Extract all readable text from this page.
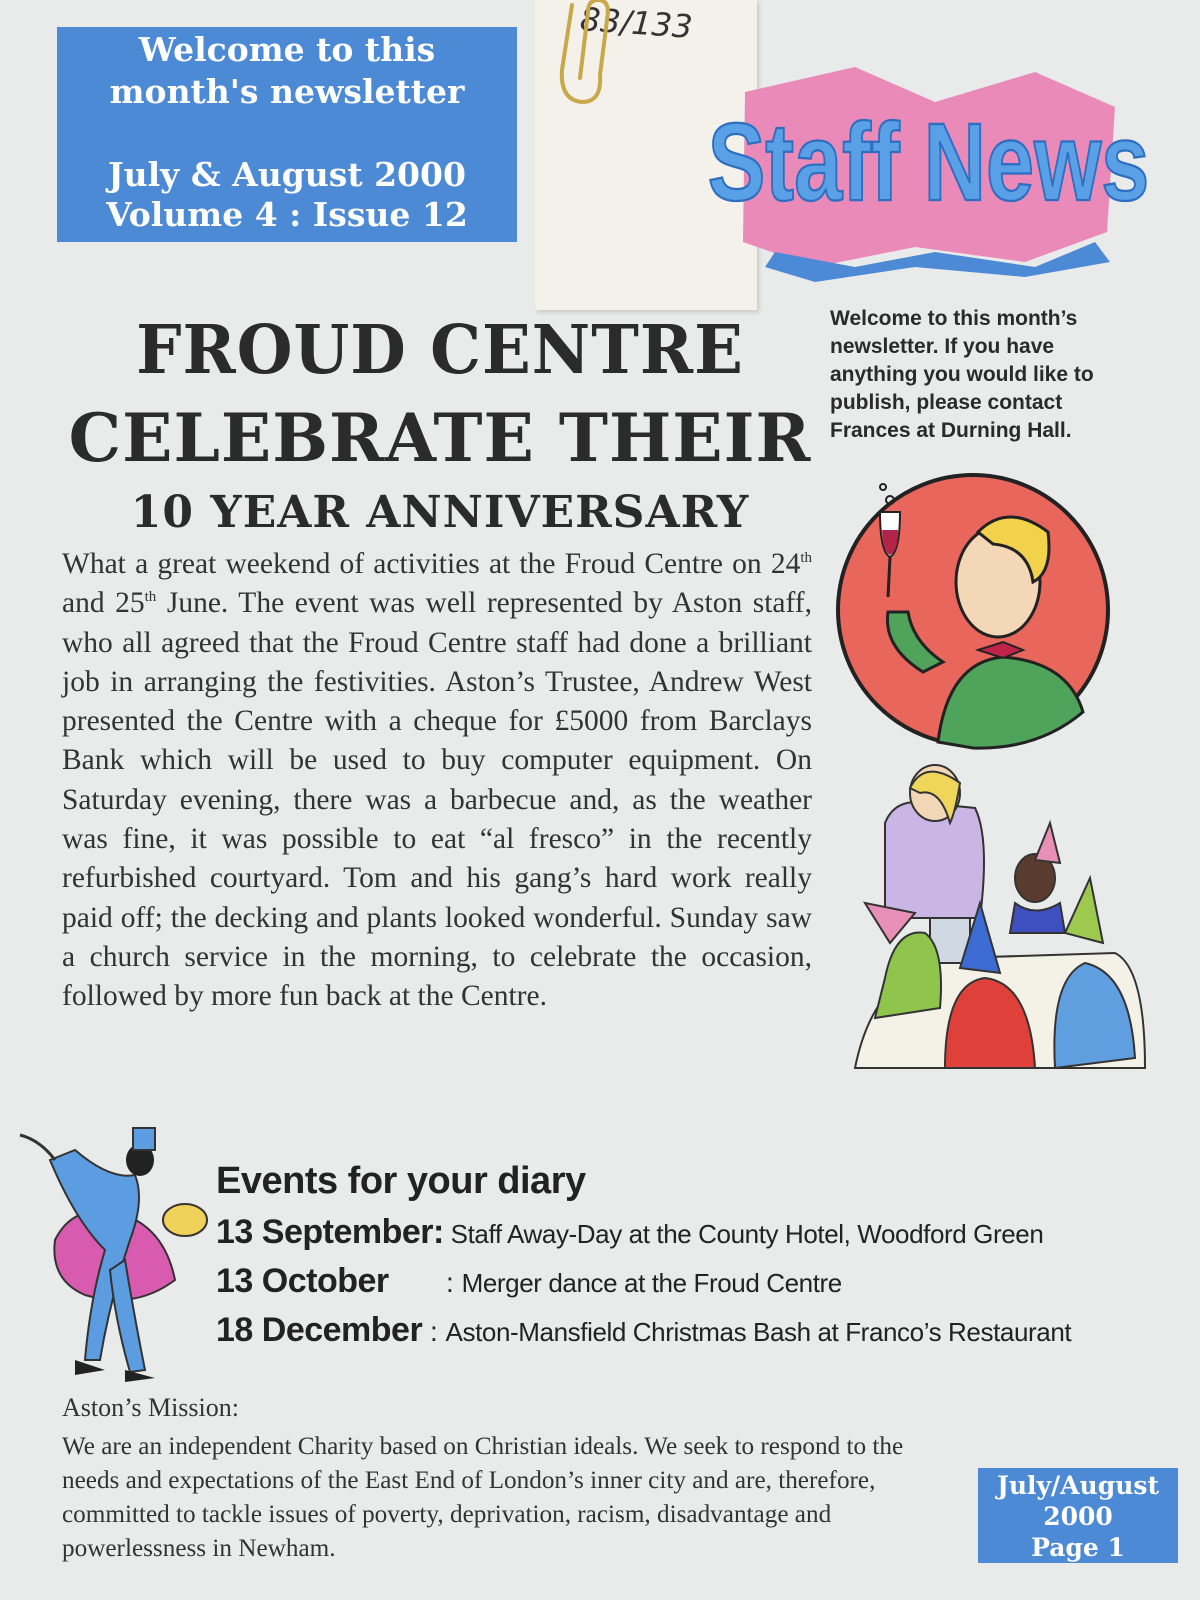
Welcome to this
month's newsletter
July & August 2000
Volume 4 : Issue 12
83/133
Staff News
FROUD CENTRE
CELEBRATE THEIR
10 YEAR ANNIVERSARY
What a great weekend of activities at the Froud Centre on 24th and 25th June. The event was well represented by Aston staff, who all agreed that the Froud Centre staff had done a brilliant job in arranging the festivities. Aston’s Trustee, Andrew West presented the Centre with a cheque for £5000 from Barclays Bank which will be used to buy computer equipment. On Saturday evening, there was a barbecue and, as the weather was fine, it was possible to eat “al fresco” in the recently refurbished courtyard. Tom and his gang’s hard work really paid off; the decking and plants looked wonderful. Sunday saw a church service in the morning, to celebrate the occasion, followed by more fun back at the Centre.
Welcome to this month’s newsletter. If you have anything you would like to publish, please contact Frances at Durning Hall.
Events for your diary
13 September: Staff Away-Day at the County Hotel, Woodford Green
13 October : Merger dance at the Froud Centre
18 December : Aston-Mansfield Christmas Bash at Franco’s Restaurant
Aston’s Mission:
We are an independent Charity based on Christian ideals. We seek to respond to the needs and expectations of the East End of London’s inner city and are, therefore, committed to tackle issues of poverty, deprivation, racism, disadvantage and powerlessness in Newham.
July/August
2000
Page 1
